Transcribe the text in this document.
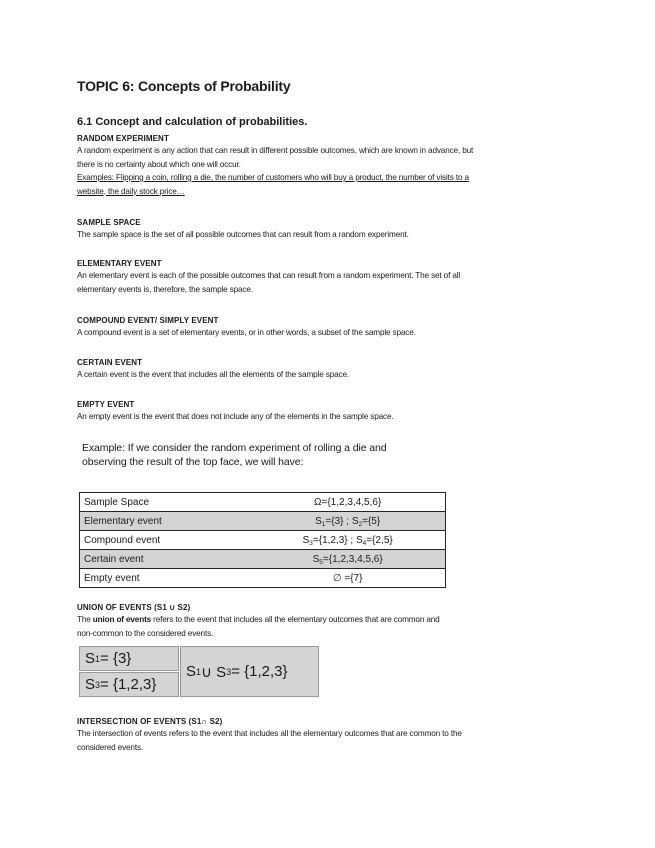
TOPIC 6: Concepts of Probability
6.1 Concept and calculation of probabilities.
RANDOM EXPERIMENT
A random experiment is any action that can result in different possible outcomes, which are known in advance, but
there is no certainty about which one will occur.
Examples: Flipping a coin, rolling a die, the number of customers who will buy a product, the number of visits to a
website, the daily stock price…
SAMPLE SPACE
The sample space is the set of all possible outcomes that can result from a random experiment.
ELEMENTARY EVENT
An elementary event is each of the possible outcomes that can result from a random experiment. The set of all
elementary events is, therefore, the sample space.
COMPOUND EVENT/ SIMPLY EVENT
A compound event is a set of elementary events, or in other words, a subset of the sample space.
CERTAIN EVENT
A certain event is the event that includes all the elements of the sample space.
EMPTY EVENT
An empty event is the event that does not include any of the elements in the sample space.
Example: If we consider the random experiment of rolling a die and
observing the result of the top face, we will have:
Sample Space	Ω={1,2,3,4,5,6}
Elementary event	$S_1=\{3\}$ ; $S_2=\{5\}$
Compound event	$S_3=\{1,2,3\}$ ; $S_4=\{2,5\}$
Certain event	$S_5=\{1,2,3,4,5,6\}$
Empty event	∅ ={7}
UNION OF EVENTS (S1 ∪ S2)
The union of events refers to the event that includes all the elementary outcomes that are common and
non-common to the considered events.
S 1 = {3}
S 3 = {1,2,3}
S 1 ∪ S 3 = {1,2,3}
INTERSECTION OF EVENTS (S1∩ S2)
The intersection of events refers to the event that includes all the elementary outcomes that are common to the
considered events.
